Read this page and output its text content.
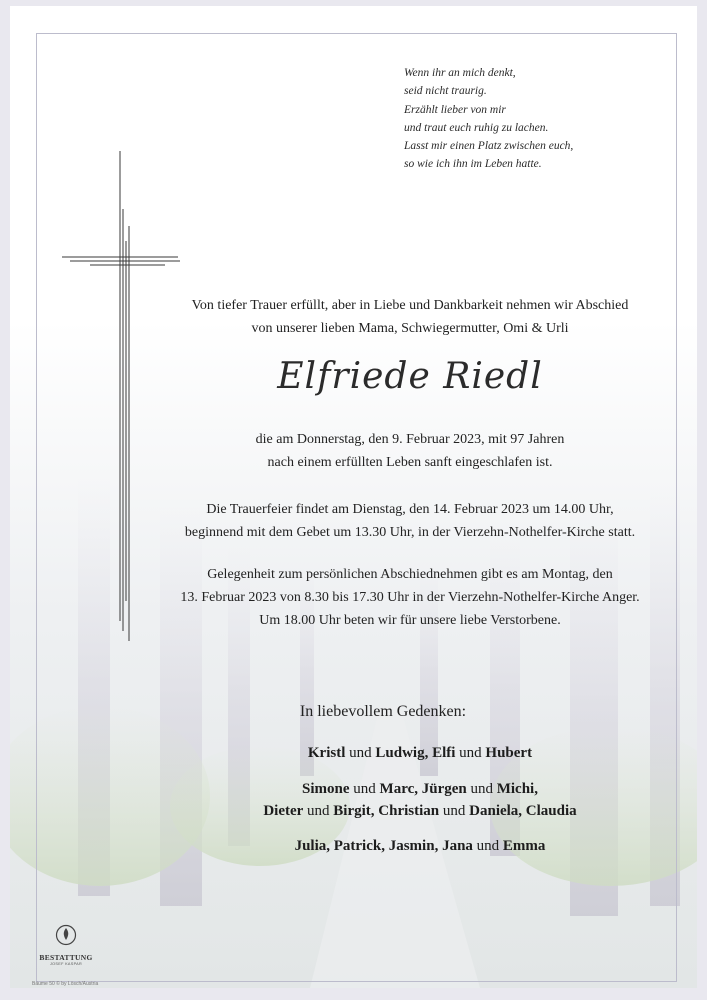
Wenn ihr an mich denkt,
seid nicht traurig.
Erzählt lieber von mir
und traut euch ruhig zu lachen.
Lasst mir einen Platz zwischen euch,
so wie ich ihn im Leben hatte.
Von tiefer Trauer erfüllt, aber in Liebe und Dankbarkeit nehmen wir Abschied
von unserer lieben Mama, Schwiegermutter, Omi & Urli
Elfriede Riedl
die am Donnerstag, den 9. Februar 2023, mit 97 Jahren
nach einem erfüllten Leben sanft eingeschlafen ist.
Die Trauerfeier findet am Dienstag, den 14. Februar 2023 um 14.00 Uhr,
beginnend mit dem Gebet um 13.30 Uhr, in der Vierzehn-Nothelfer-Kirche statt.
Gelegenheit zum persönlichen Abschiednehmen gibt es am Montag, den
13. Februar 2023 von 8.30 bis 17.30 Uhr in der Vierzehn-Nothelfer-Kirche Anger.
Um 18.00 Uhr beten wir für unsere liebe Verstorbene.
In liebevollem Gedenken:
Kristl und Ludwig, Elfi und Hubert
Simone und Marc, Jürgen und Michi,
Dieter und Birgit, Christian und Daniela, Claudia
Julia, Patrick, Jasmin, Jana und Emma
BESTATTUNG
JOSEF KASPAR
Bäume 50 © by Lösch/Austria
